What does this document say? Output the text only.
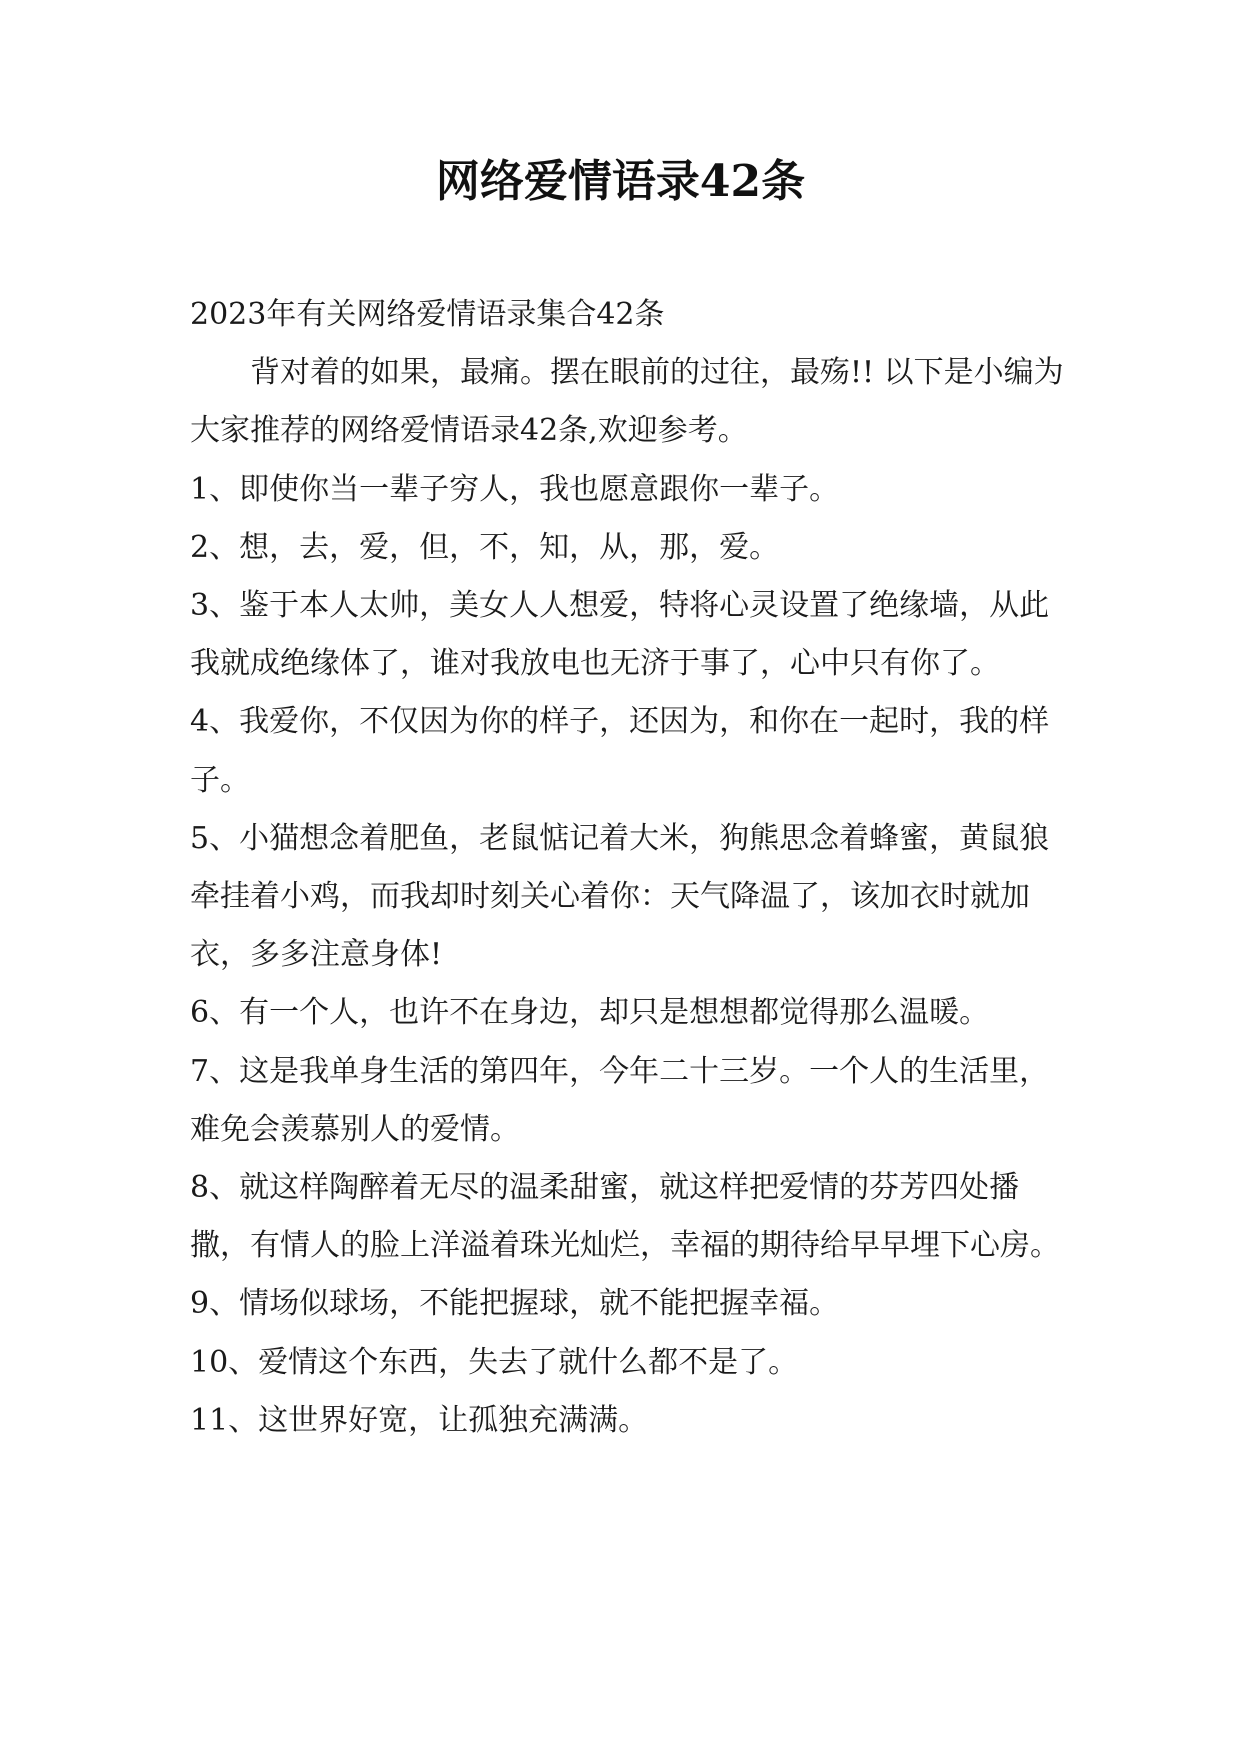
网络爱情语录42条

2023年有关网络爱情语录集合42条

背对着的如果，最痛。摆在眼前的过往，最殇!! 以下是小编为大家推荐的网络爱情语录42条,欢迎参考。

1、即使你当一辈子穷人，我也愿意跟你一辈子。

2、想，去，爱，但，不，知，从，那，爱。

3、鉴于本人太帅，美女人人想爱，特将心灵设置了绝缘墙，从此我就成绝缘体了，谁对我放电也无济于事了，心中只有你了。

4、我爱你，不仅因为你的样子，还因为，和你在一起时，我的样子。

5、小猫想念着肥鱼，老鼠惦记着大米，狗熊思念着蜂蜜，黄鼠狼牵挂着小鸡，而我却时刻关心着你：天气降温了，该加衣时就加衣，多多注意身体!

6、有一个人，也许不在身边，却只是想想都觉得那么温暖。

7、这是我单身生活的第四年，今年二十三岁。一个人的生活里，难免会羡慕别人的爱情。

8、就这样陶醉着无尽的温柔甜蜜，就这样把爱情的芬芳四处播撒，有情人的脸上洋溢着珠光灿烂，幸福的期待给早早埋下心房。

9、情场似球场，不能把握球，就不能把握幸福。

10、爱情这个东西，失去了就什么都不是了。

11、这世界好宽，让孤独充满满。
